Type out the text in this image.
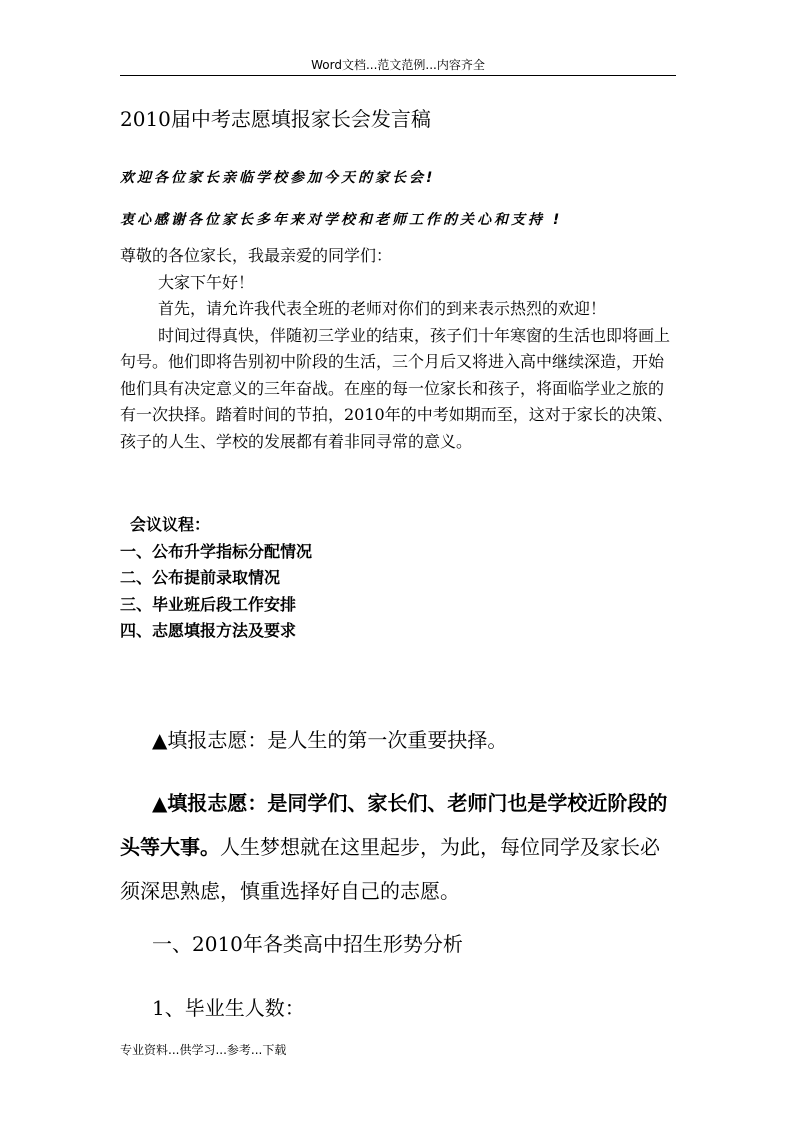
Word文档...范文范例...内容齐全
2010届中考志愿填报家长会发言稿
欢迎各位家长亲临学校参加今天的家长会!
衷心感谢各位家长多年来对学校和老师工作的关心和支持 !

尊敬的各位家长，我最亲爱的同学们：

大家下午好！

首先，请允许我代表全班的老师对你们的到来表示热烈的欢迎！

时间过得真快，伴随初三学业的结束，孩子们十年寒窗的生活也即将画上句号。他们即将告别初中阶段的生活，三个月后又将进入高中继续深造，开始他们具有决定意义的三年奋战。在座的每一位家长和孩子，将面临学业之旅的有一次抉择。踏着时间的节拍，2010年的中考如期而至，这对于家长的决策、孩子的人生、学校的发展都有着非同寻常的意义。

会议议程：

一、公布升学指标分配情况

二、公布提前录取情况

三、毕业班后段工作安排

四、志愿填报方法及要求

▲填报志愿：是人生的第一次重要抉择。
▲填报志愿：是同学们、家长们、老师门也是学校近阶段的头等大事。人生梦想就在这里起步，为此，每位同学及家长必须深思熟虑，慎重选择好自己的志愿。
一、2010年各类高中招生形势分析
1、毕业生人数：
专业资料...供学习...参考...下载
